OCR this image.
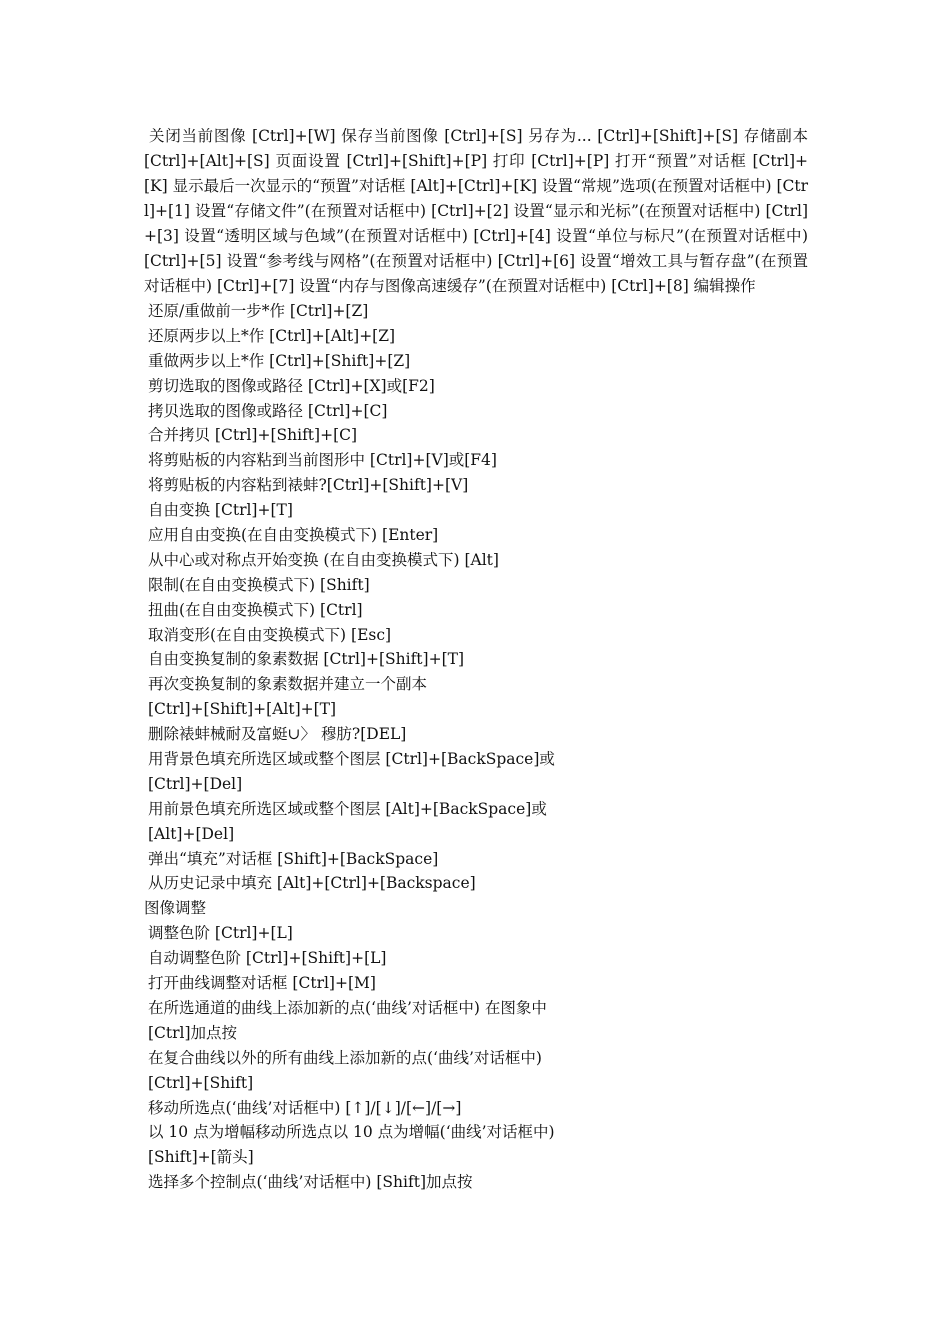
关闭当前图像 [Ctrl]+[W] 保存当前图像 [Ctrl]+[S] 另存为... [Ctrl]+[Shift]+[S] 存储副本 [Ctrl]+[Alt]+[S] 页面设置 [Ctrl]+[Shift]+[P] 打印 [Ctrl]+[P] 打开“预置”对话框 [Ctrl]+[K] 显示最后一次显示的“预置”对话框 [Alt]+[Ctrl]+[K] 设置“常规”选项(在预置对话框中) [Ctrl]+[1] 设置“存储文件”(在预置对话框中) [Ctrl]+[2] 设置“显示和光标”(在预置对话框中) [Ctrl]+[3] 设置“透明区域与色域”(在预置对话框中) [Ctrl]+[4] 设置“单位与标尺”(在预置对话框中) [Ctrl]+[5] 设置“参考线与网格”(在预置对话框中) [Ctrl]+[6] 设置“增效工具与暂存盘”(在预置对话框中) [Ctrl]+[7] 设置“内存与图像高速缓存”(在预置对话框中) [Ctrl]+[8] 编辑操作

还原/重做前一步*作 [Ctrl]+[Z]
还原两步以上*作 [Ctrl]+[Alt]+[Z]
重做两步以上*作 [Ctrl]+[Shift]+[Z]
剪切选取的图像或路径 [Ctrl]+[X]或[F2]
拷贝选取的图像或路径 [Ctrl]+[C]
合并拷贝 [Ctrl]+[Shift]+[C]
将剪贴板的内容粘到当前图形中 [Ctrl]+[V]或[F4]
将剪贴板的内容粘到裱蚌?[Ctrl]+[Shift]+[V]
自由变换 [Ctrl]+[T]
应用自由变换(在自由变换模式下) [Enter]
从中心或对称点开始变换 (在自由变换模式下) [Alt]
限制(在自由变换模式下) [Shift]
扭曲(在自由变换模式下) [Ctrl]
取消变形(在自由变换模式下) [Esc]
自由变换复制的象素数据 [Ctrl]+[Shift]+[T]
再次变换复制的象素数据并建立一个副本
[Ctrl]+[Shift]+[Alt]+[T]
删除裱蚌械耐及富蜓∪〉 穆肪?[DEL]
用背景色填充所选区域或整个图层 [Ctrl]+[BackSpace]或
[Ctrl]+[Del]
用前景色填充所选区域或整个图层 [Alt]+[BackSpace]或
[Alt]+[Del]
弹出“填充”对话框 [Shift]+[BackSpace]
从历史记录中填充 [Alt]+[Ctrl]+[Backspace]
图像调整
调整色阶 [Ctrl]+[L]
自动调整色阶 [Ctrl]+[Shift]+[L]
打开曲线调整对话框 [Ctrl]+[M]
在所选通道的曲线上添加新的点(‘曲线’对话框中) 在图象中
[Ctrl]加点按
在复合曲线以外的所有曲线上添加新的点(‘曲线’对话框中)
[Ctrl]+[Shift]
移动所选点(‘曲线’对话框中) [↑]/[↓]/[←]/[→]
以 10 点为增幅移动所选点以 10 点为增幅(‘曲线’对话框中)
[Shift]+[箭头]
选择多个控制点(‘曲线’对话框中) [Shift]加点按
